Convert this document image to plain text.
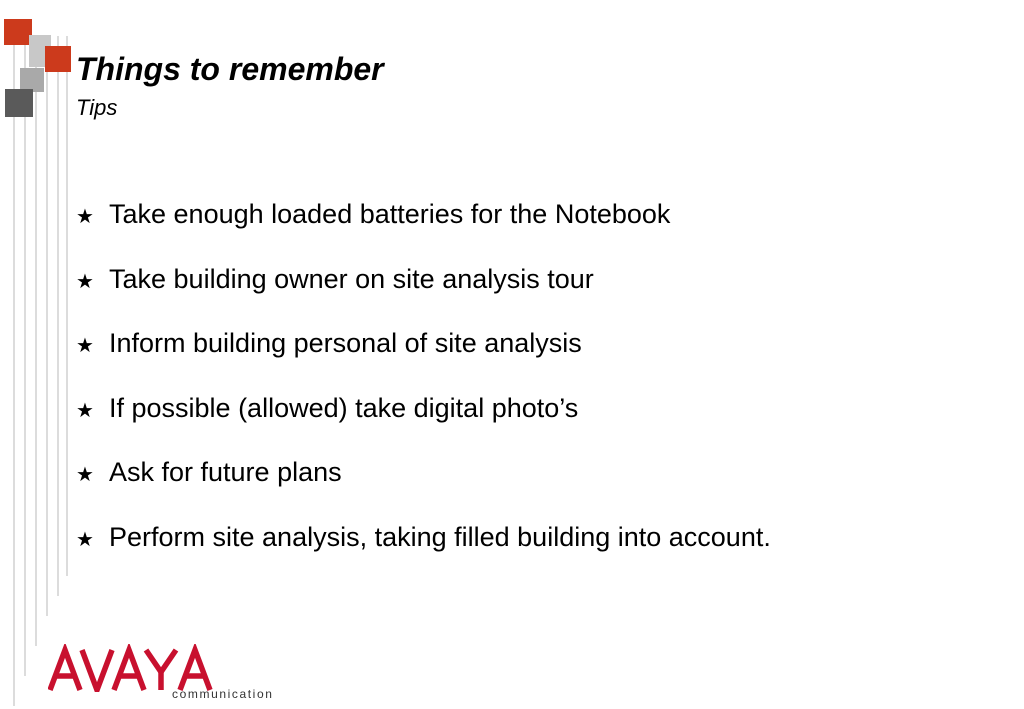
Things to remember
Tips
★ Take enough loaded batteries for the Notebook
★ Take building owner on site analysis tour
★ Inform building personal of site analysis
★ If possible (allowed) take digital photo’s
★ Ask for future plans
★ Perform site analysis, taking filled building into account.
communication
